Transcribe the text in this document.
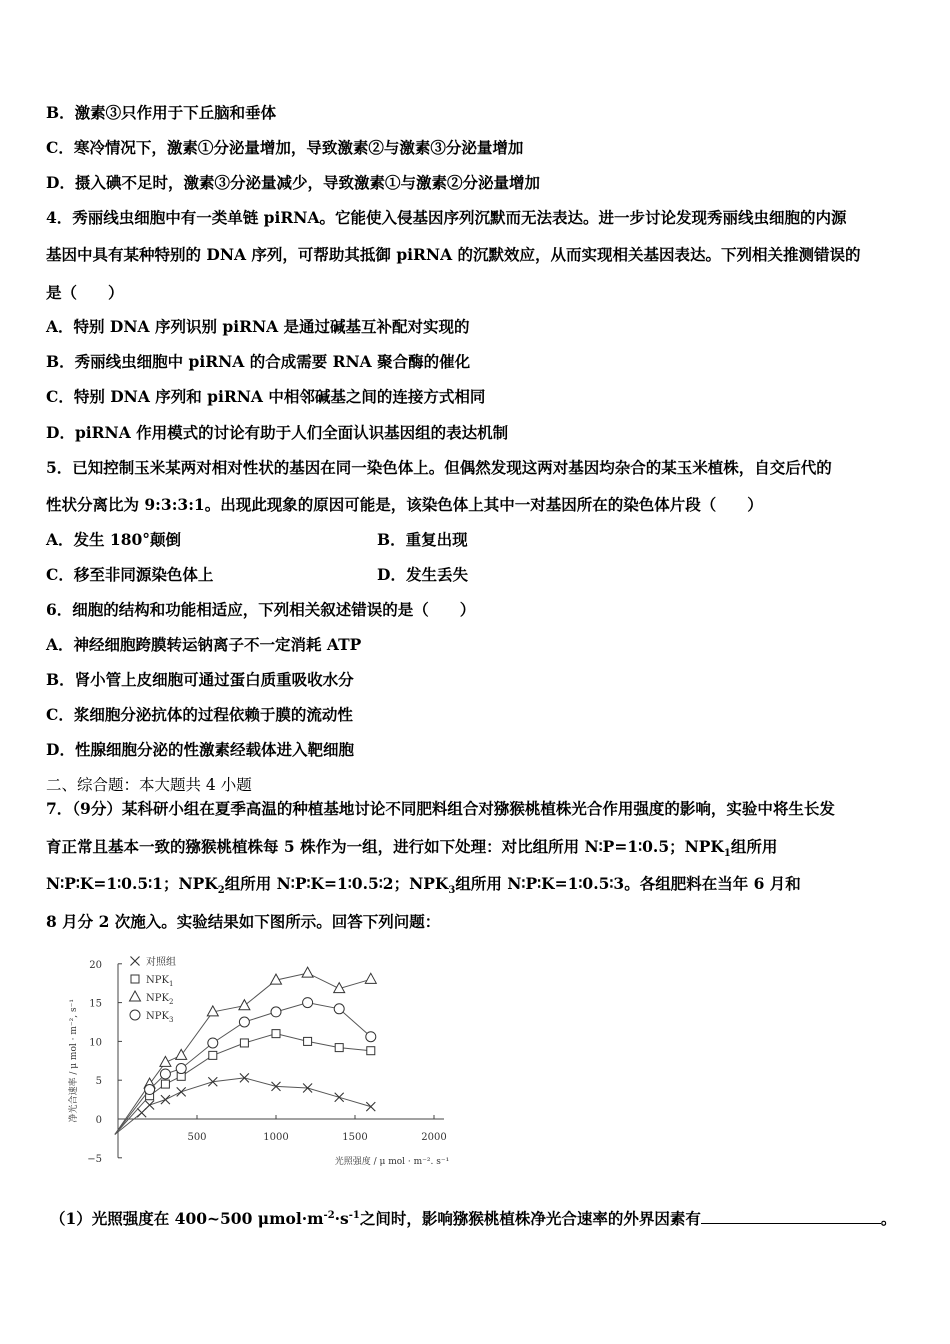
B．激素③只作用于下丘脑和垂体
C．寒冷情况下，激素①分泌量增加，导致激素②与激素③分泌量增加
D．摄入碘不足时，激素③分泌量减少，导致激素①与激素②分泌量增加
4．秀丽线虫细胞中有一类单链 piRNA。它能使入侵基因序列沉默而无法表达。进一步讨论发现秀丽线虫细胞的内源
基因中具有某种特别的 DNA 序列，可帮助其抵御 piRNA 的沉默效应，从而实现相关基因表达。下列相关推测错误的
是（　　）
A．特别 DNA 序列识别 piRNA 是通过碱基互补配对实现的
B．秀丽线虫细胞中 piRNA 的合成需要 RNA 聚合酶的催化
C．特别 DNA 序列和 piRNA 中相邻碱基之间的连接方式相同
D．piRNA 作用模式的讨论有助于人们全面认识基因组的表达机制
5．已知控制玉米某两对相对性状的基因在同一染色体上。但偶然发现这两对基因均杂合的某玉米植株，自交后代的
性状分离比为 9:3:3:1。出现此现象的原因可能是，该染色体上其中一对基因所在的染色体片段（　　）
A．发生 180°颠倒	B．重复出现
C．移至非同源染色体上	D．发生丢失
6．细胞的结构和功能相适应，下列相关叙述错误的是（　　）
A．神经细胞跨膜转运钠离子不一定消耗 ATP
B．肾小管上皮细胞可通过蛋白质重吸收水分
C．浆细胞分泌抗体的过程依赖于膜的流动性
D．性腺细胞分泌的性激素经载体进入靶细胞
二、综合题：本大题共 4 小题
7．（9分）某科研小组在夏季高温的种植基地讨论不同肥料组合对猕猴桃植株光合作用强度的影响，实验中将生长发
育正常且基本一致的猕猴桃植株每 5 株作为一组，进行如下处理：对比组所用 N∶P=1∶0.5；$NPK_1$组所用
N∶P∶K=1∶0.5∶1；$NPK_2$组所用 N∶P∶K=1∶0.5∶2；$NPK_3$组所用 N∶P∶K=1∶0.5∶3。各组肥料在当年 6 月和
8 月分 2 次施入。实验结果如下图所示。回答下列问题：
−5
0
5
10
15
20
500	1000	1500	2000
光照强度 / μ mol · m⁻². s⁻¹
净光合速率 / μ mol · m⁻², s⁻¹
对照组
$NPK_1$
$NPK_2$
$NPK_3$
（1）光照强度在 400~500 $\mu mol\cdot m^{-2}\cdot s^{-1}$之间时，影响猕猴桃植株净光合速率的外界因素有	。
